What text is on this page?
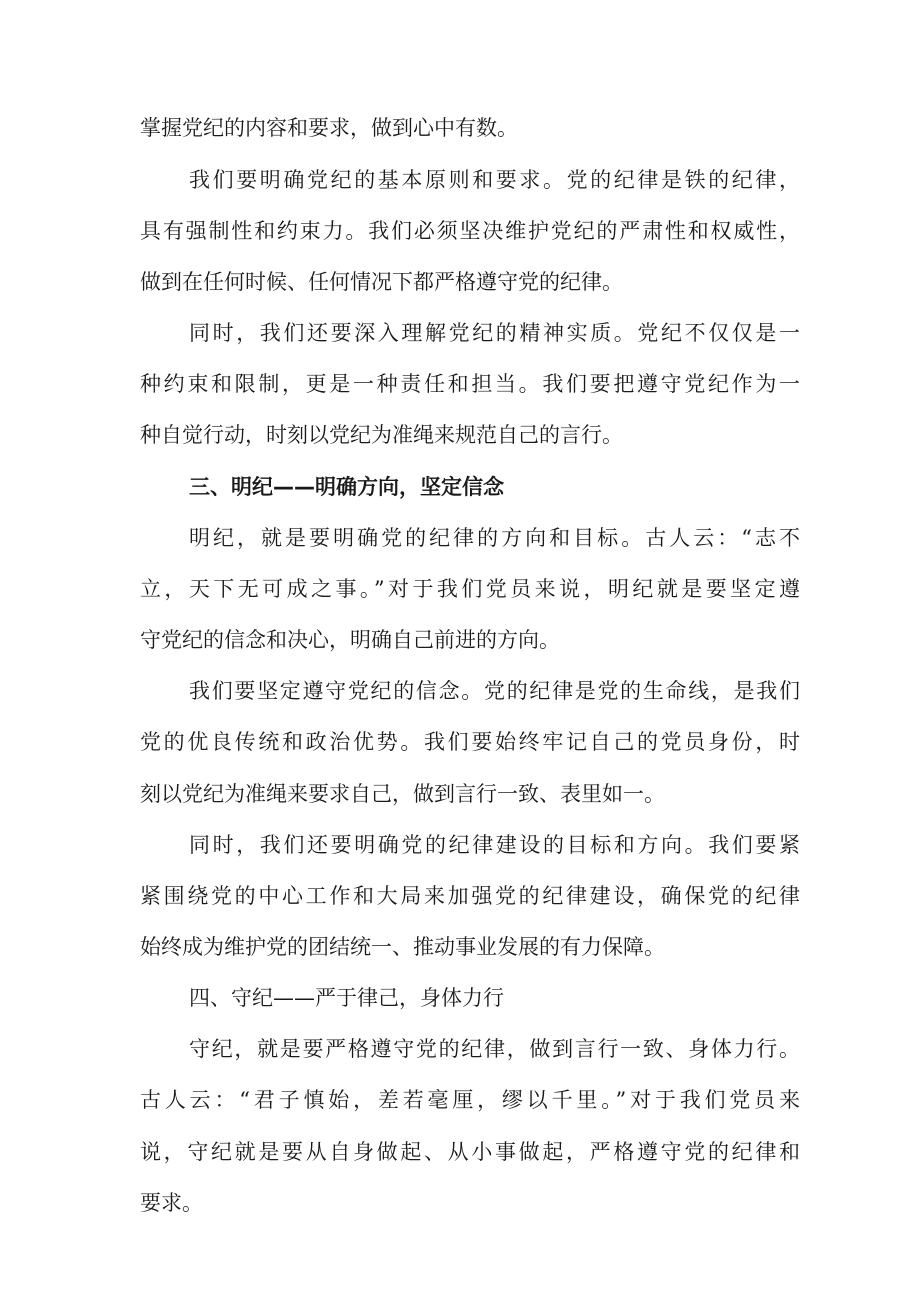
掌握党纪的内容和要求，做到心中有数。
我们要明确党纪的基本原则和要求。党的纪律是铁的纪律，
具有强制性和约束力。我们必须坚决维护党纪的严肃性和权威性，
做到在任何时候、任何情况下都严格遵守党的纪律。
同时，我们还要深入理解党纪的精神实质。党纪不仅仅是一
种约束和限制，更是一种责任和担当。我们要把遵守党纪作为一
种自觉行动，时刻以党纪为准绳来规范自己的言行。
三、明纪——明确方向，坚定信念
明纪，就是要明确党的纪律的方向和目标。古人云：“志不
立，天下无可成之事。”对于我们党员来说，明纪就是要坚定遵
守党纪的信念和决心，明确自己前进的方向。
我们要坚定遵守党纪的信念。党的纪律是党的生命线，是我们
党的优良传统和政治优势。我们要始终牢记自己的党员身份，时
刻以党纪为准绳来要求自己，做到言行一致、表里如一。
同时，我们还要明确党的纪律建设的目标和方向。我们要紧
紧围绕党的中心工作和大局来加强党的纪律建设，确保党的纪律
始终成为维护党的团结统一、推动事业发展的有力保障。
四、守纪——严于律己，身体力行
守纪，就是要严格遵守党的纪律，做到言行一致、身体力行。
古人云：“君子慎始，差若毫厘，缪以千里。”对于我们党员来
说，守纪就是要从自身做起、从小事做起，严格遵守党的纪律和
要求。
